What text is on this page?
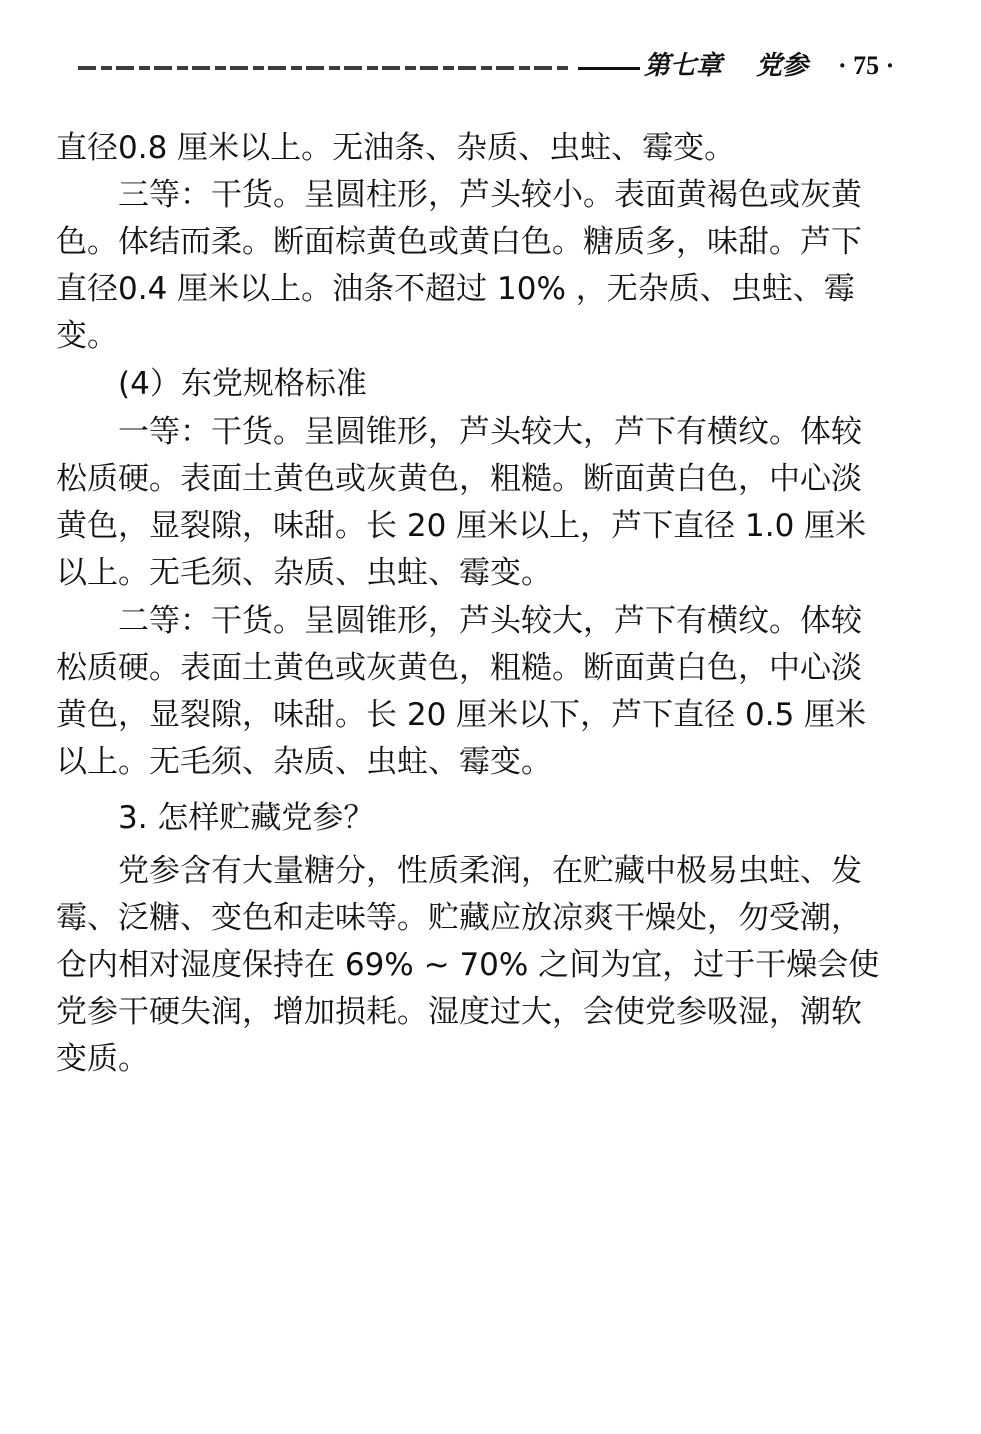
第七章 党参 · 75 ·
直径0.8 厘米以上。无油条、杂质、虫蛀、霉变。
三等：干货。呈圆柱形，芦头较小。表面黄褐色或灰黄
色。体结而柔。断面棕黄色或黄白色。糖质多，味甜。芦下
直径0.4 厘米以上。油条不超过 10% ，无杂质、虫蛀、霉
变。
(4）东党规格标准
一等：干货。呈圆锥形，芦头较大，芦下有横纹。体较
松质硬。表面土黄色或灰黄色，粗糙。断面黄白色，中心淡
黄色，显裂隙，味甜。长 20 厘米以上，芦下直径 1.0 厘米
以上。无毛须、杂质、虫蛀、霉变。
二等：干货。呈圆锥形，芦头较大，芦下有横纹。体较
松质硬。表面土黄色或灰黄色，粗糙。断面黄白色，中心淡
黄色，显裂隙，味甜。长 20 厘米以下，芦下直径 0.5 厘米
以上。无毛须、杂质、虫蛀、霉变。
3. 怎样贮藏党参？
党参含有大量糖分，性质柔润，在贮藏中极易虫蛀、发
霉、泛糖、变色和走味等。贮藏应放凉爽干燥处，勿受潮，
仓内相对湿度保持在 69% ~ 70% 之间为宜，过于干燥会使
党参干硬失润，增加损耗。湿度过大，会使党参吸湿，潮软
变质。
